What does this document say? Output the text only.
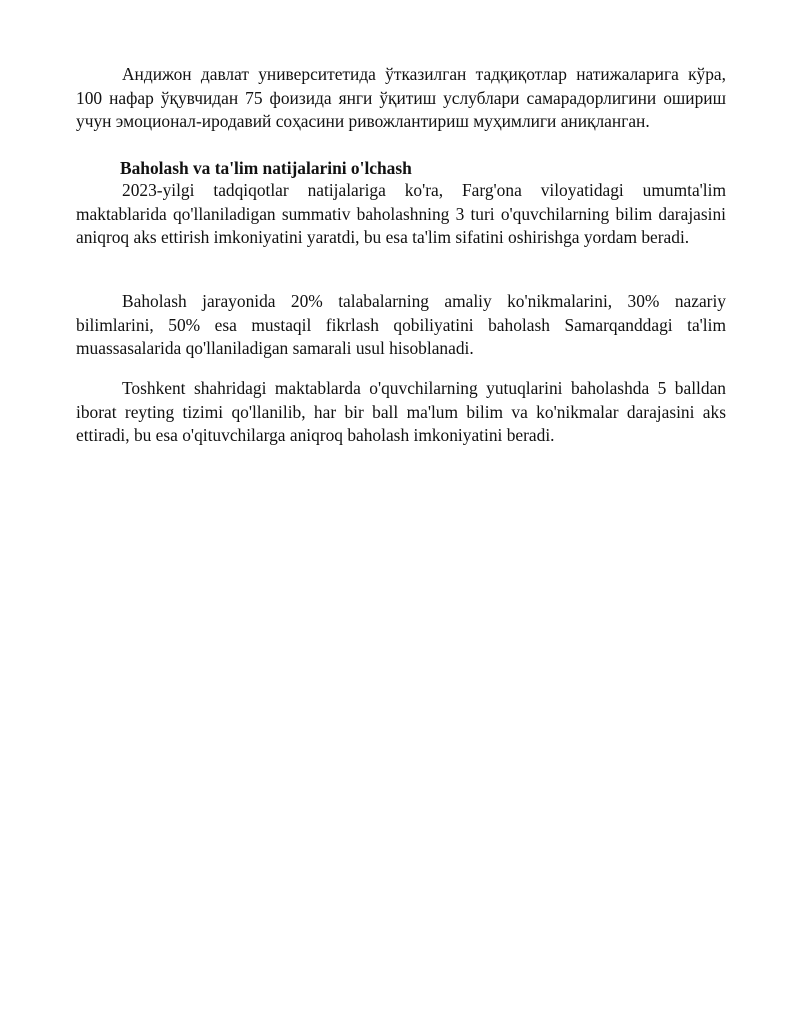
Андижон давлат университетида ўтказилган тадқиқотлар натижаларига кўра, 100 нафар ўқувчидан 75 фоизида янги ўқитиш услублари самарадорлигини ошириш учун эмоционал-иродавий соҳасини ривожлантириш муҳимлиги аниқланган.

Baholash va ta'lim natijalarini o'lchash

2023-yilgi tadqiqotlar natijalariga ko'ra, Farg'ona viloyatidagi umumta'lim maktablarida qo'llaniladigan summativ baholashning 3 turi o'quvchilarning bilim darajasini aniqroq aks ettirish imkoniyatini yaratdi, bu esa ta'lim sifatini oshirishga yordam beradi.

Baholash jarayonida 20% talabalarning amaliy ko'nikmalarini, 30% nazariy bilimlarini, 50% esa mustaqil fikrlash qobiliyatini baholash Samarqanddagi ta'lim muassasalarida qo'llaniladigan samarali usul hisoblanadi.

Toshkent shahridagi maktablarda o'quvchilarning yutuqlarini baholashda 5 balldan iborat reyting tizimi qo'llanilib, har bir ball ma'lum bilim va ko'nikmalar darajasini aks ettiradi, bu esa o'qituvchilarga aniqroq baholash imkoniyatini beradi.
